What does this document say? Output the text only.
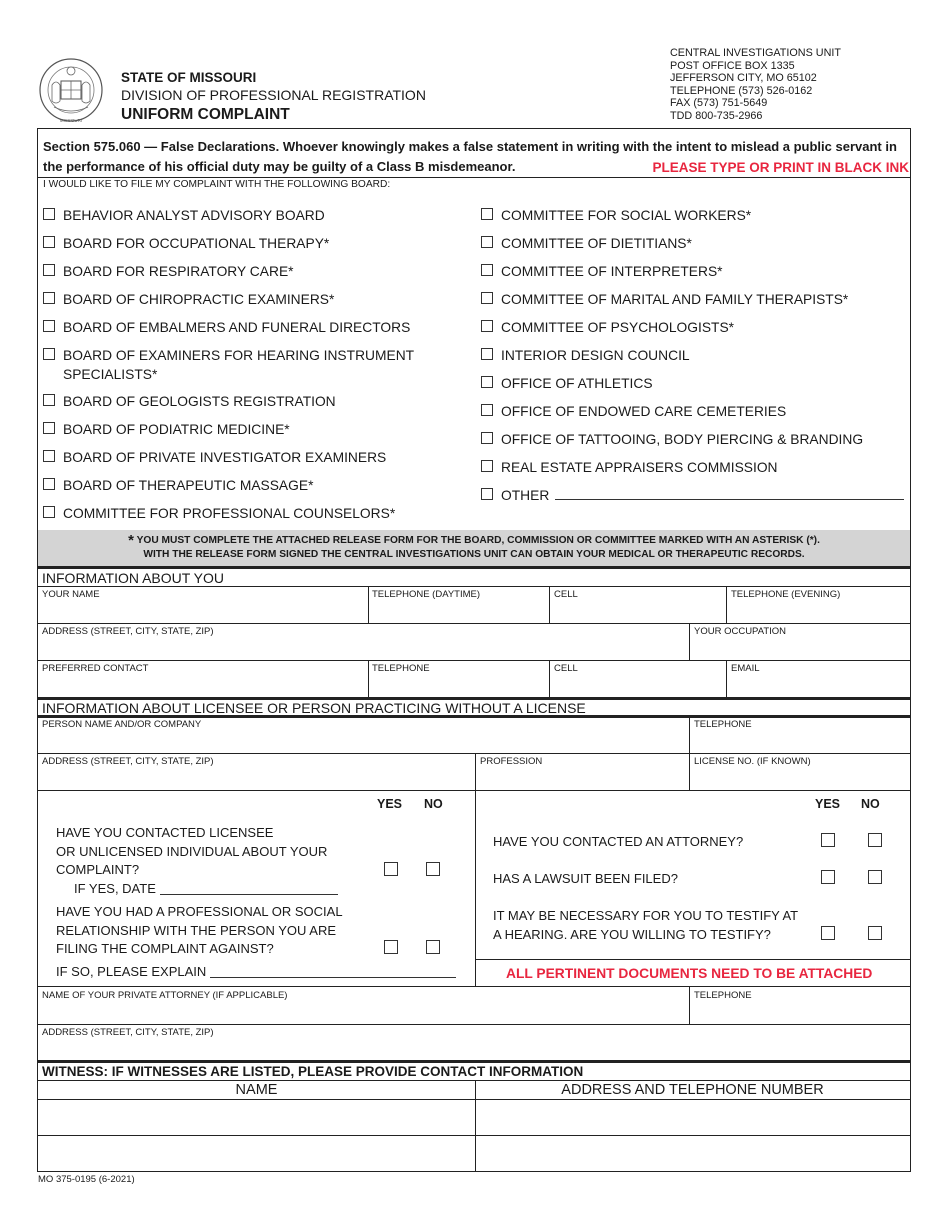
MISSOURI
STATE OF MISSOURI
DIVISION OF PROFESSIONAL REGISTRATION
UNIFORM COMPLAINT
CENTRAL INVESTIGATIONS UNIT
POST OFFICE BOX 1335
JEFFERSON CITY, MO 65102
TELEPHONE (573) 526-0162
FAX (573) 751-5649
TDD 800-735-2966
Section 575.060 — False Declarations. Whoever knowingly makes a false statement in writing with the intent to mislead a public servant in the performance of his official duty may be guilty of a Class B misdemeanor.	PLEASE TYPE OR PRINT IN BLACK INK
I WOULD LIKE TO FILE MY COMPLAINT WITH THE FOLLOWING BOARD:
BEHAVIOR ANALYST ADVISORY BOARD
BOARD FOR OCCUPATIONAL THERAPY*
BOARD FOR RESPIRATORY CARE*
BOARD OF CHIROPRACTIC EXAMINERS*
BOARD OF EMBALMERS AND FUNERAL DIRECTORS
BOARD OF EXAMINERS FOR HEARING INSTRUMENT
SPECIALISTS*
BOARD OF GEOLOGISTS REGISTRATION
BOARD OF PODIATRIC MEDICINE*
BOARD OF PRIVATE INVESTIGATOR EXAMINERS
BOARD OF THERAPEUTIC MASSAGE*
COMMITTEE FOR PROFESSIONAL COUNSELORS*
COMMITTEE FOR SOCIAL WORKERS*
COMMITTEE OF DIETITIANS*
COMMITTEE OF INTERPRETERS*
COMMITTEE OF MARITAL AND FAMILY THERAPISTS*
COMMITTEE OF PSYCHOLOGISTS*
INTERIOR DESIGN COUNCIL
OFFICE OF ATHLETICS
OFFICE OF ENDOWED CARE CEMETERIES
OFFICE OF TATTOOING, BODY PIERCING & BRANDING
REAL ESTATE APPRAISERS COMMISSION
OTHER
* YOU MUST COMPLETE THE ATTACHED RELEASE FORM FOR THE BOARD, COMMISSION OR COMMITTEE MARKED WITH AN ASTERISK (*).
WITH THE RELEASE FORM SIGNED THE CENTRAL INVESTIGATIONS UNIT CAN OBTAIN YOUR MEDICAL OR THERAPEUTIC RECORDS.
INFORMATION ABOUT YOU
YOUR NAME	TELEPHONE (DAYTIME)	CELL	TELEPHONE (EVENING)
ADDRESS (STREET, CITY, STATE, ZIP)	YOUR OCCUPATION
PREFERRED CONTACT	TELEPHONE	CELL	EMAIL
INFORMATION ABOUT LICENSEE OR PERSON PRACTICING WITHOUT A LICENSE
PERSON NAME AND/OR COMPANY	TELEPHONE
ADDRESS (STREET, CITY, STATE, ZIP)	PROFESSION	LICENSE NO. (IF KNOWN)
YES NO	YES NO
HAVE YOU CONTACTED LICENSEE
OR UNLICENSED INDIVIDUAL ABOUT YOUR
COMPLAINT?
IF YES, DATE
HAVE YOU HAD A PROFESSIONAL OR SOCIAL
RELATIONSHIP WITH THE PERSON YOU ARE
FILING THE COMPLAINT AGAINST?
IF SO, PLEASE EXPLAIN
HAVE YOU CONTACTED AN ATTORNEY?
HAS A LAWSUIT BEEN FILED?
IT MAY BE NECESSARY FOR YOU TO TESTIFY AT
A HEARING. ARE YOU WILLING TO TESTIFY?
ALL PERTINENT DOCUMENTS NEED TO BE ATTACHED
NAME OF YOUR PRIVATE ATTORNEY (IF APPLICABLE)	TELEPHONE
ADDRESS (STREET, CITY, STATE, ZIP)
WITNESS: IF WITNESSES ARE LISTED, PLEASE PROVIDE CONTACT INFORMATION
NAME	ADDRESS AND TELEPHONE NUMBER
MO 375-0195 (6-2021)
